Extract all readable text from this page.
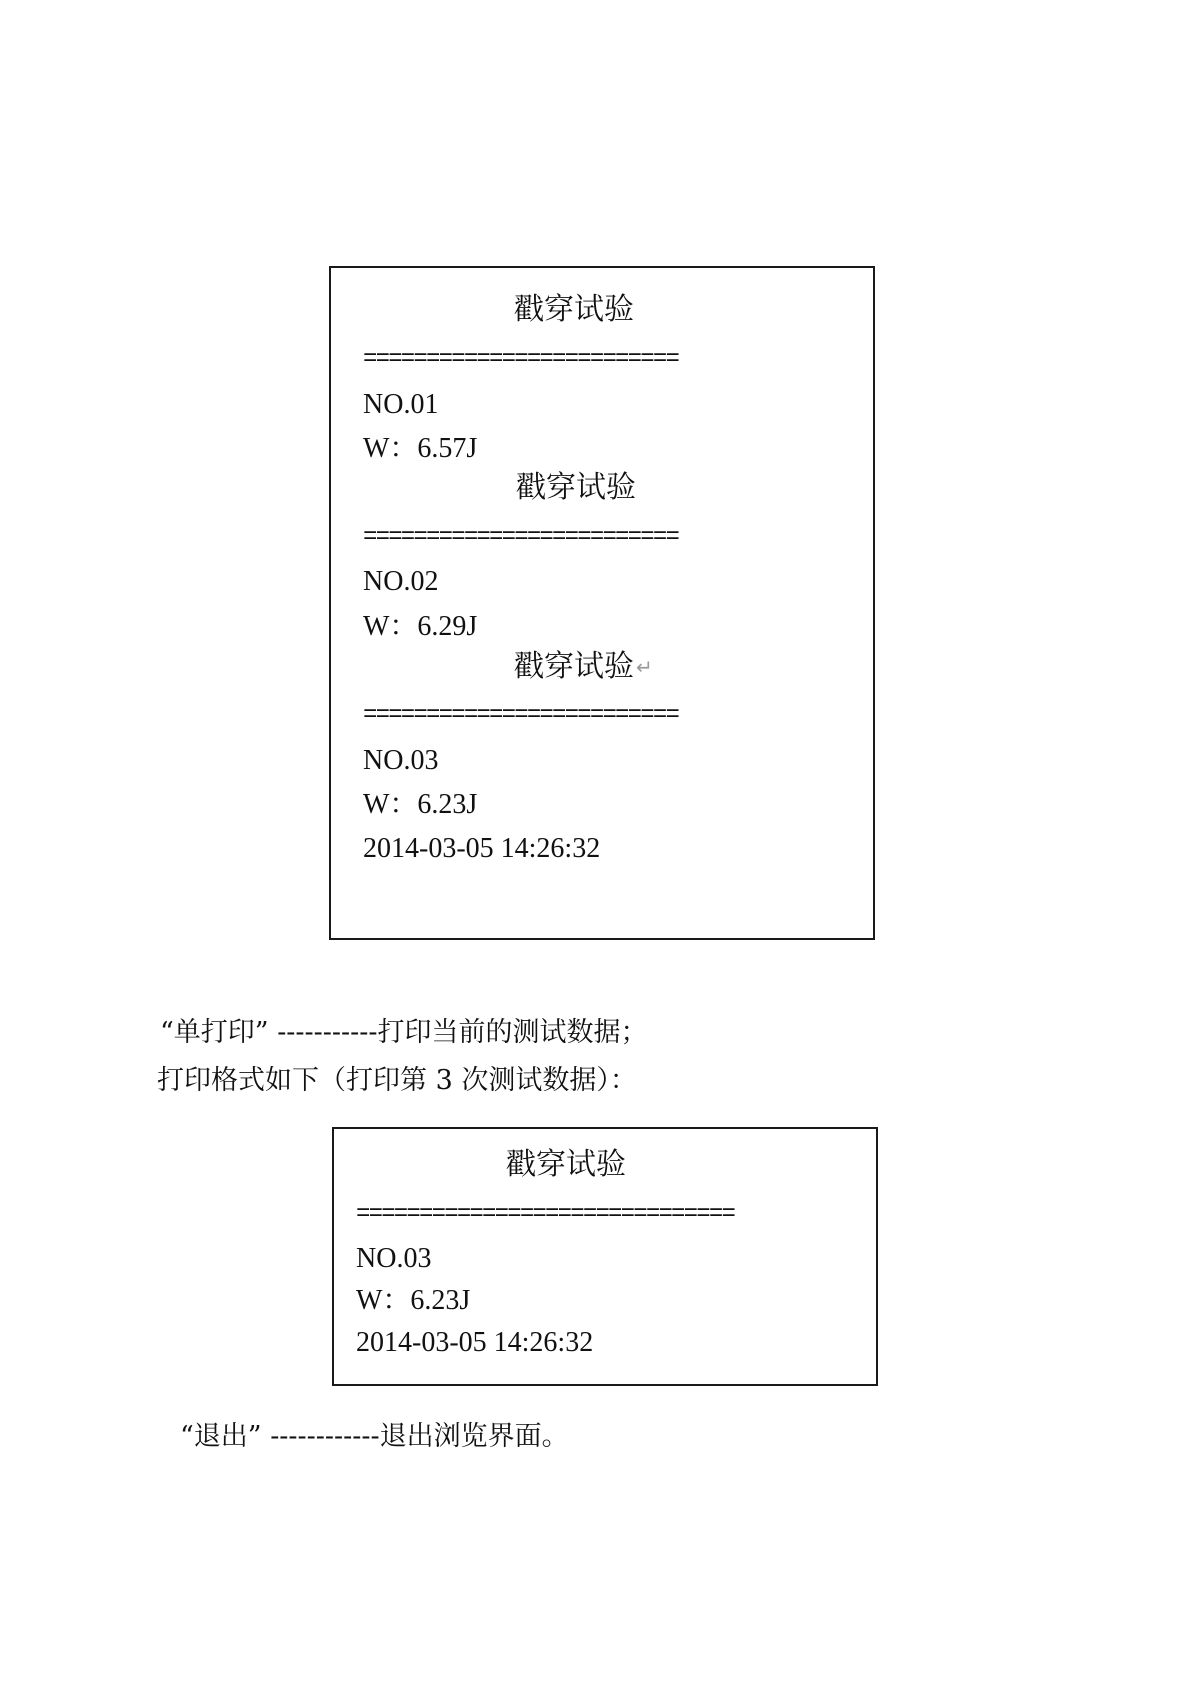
戳穿试验
=========================
NO.01
W：6.57J
戳穿试验
=========================
NO.02
W：6.29J
戳穿试验 ↵
=========================
NO.03
W：6.23J
2014-03-05 14:26:32
“单打印” -----------打印当前的测试数据；
打印格式如下（打印第 3 次测试数据）：
戳穿试验
==============================
NO.03
W：6.23J
2014-03-05 14:26:32
“退出” ------------退出浏览界面。
